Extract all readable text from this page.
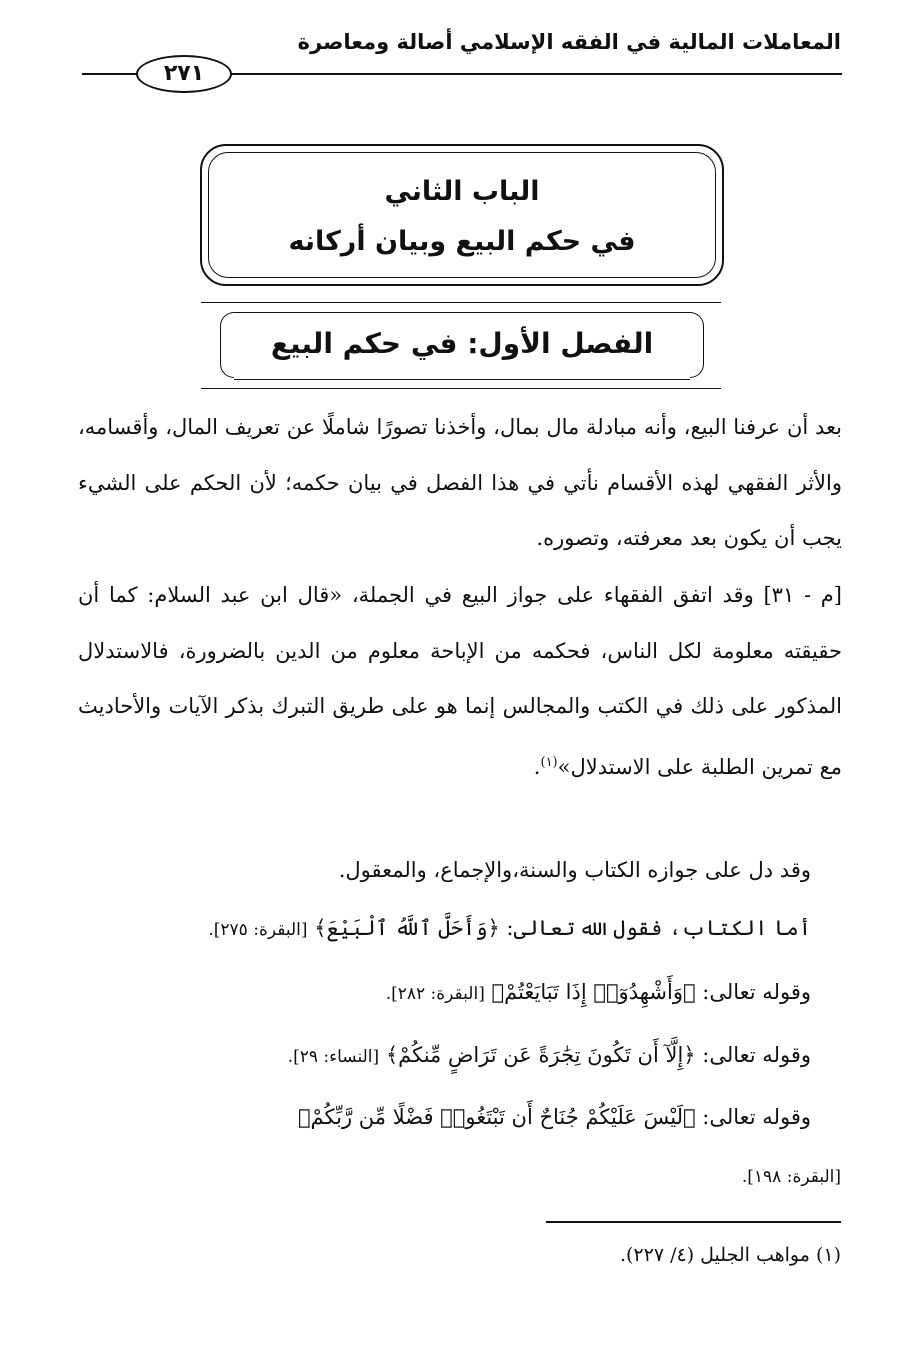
المعاملات المالية في الفقه الإسلامي أصالة ومعاصرة
٢٧١
الباب الثاني
في حكم البيع وبيان أركانه
الفصل الأول: في حكم البيع
بعد أن عرفنا البيع، وأنه مبادلة مال بمال، وأخذنا تصورًا شاملًا عن تعريف المال، وأقسامه، والأثر الفقهي لهذه الأقسام نأتي في هذا الفصل في بيان حكمه؛ لأن الحكم على الشيء يجب أن يكون بعد معرفته، وتصوره.
[م - ٣١] وقد اتفق الفقهاء على جواز البيع في الجملة، «قال ابن عبد السلام: كما أن حقيقته معلومة لكل الناس، فحكمه من الإباحة معلوم من الدين بالضرورة، فالاستدلال المذكور على ذلك في الكتب والمجالس إنما هو على طريق التبرك بذكر الآيات والأحاديث مع تمرين الطلبة على الاستدلال»$^{(١)}$.
وقد دل على جوازه الكتاب والسنة،والإجماع، والمعقول.
أما الكتاب، فقول الله تعالى: ﴿وَأَحَلَّ ٱللَّهُ ٱلْبَيْعَ﴾ [البقرة: ٢٧٥].
وقوله تعالى: ﴿وَأَشْهِدُوٓا۟ إِذَا تَبَايَعْتُمْ﴾ [البقرة: ٢٨٢].
وقوله تعالى: ﴿إِلَّآ أَن تَكُونَ تِجَٰرَةً عَن تَرَاضٍ مِّنكُمْ﴾ [النساء: ٢٩].
وقوله تعالى: ﴿لَيْسَ عَلَيْكُمْ جُنَاحٌ أَن تَبْتَغُوا۟ فَضْلًا مِّن رَّبِّكُمْ﴾
[البقرة: ١٩٨].
(١) مواهب الجليل (٤/ ٢٢٧).
